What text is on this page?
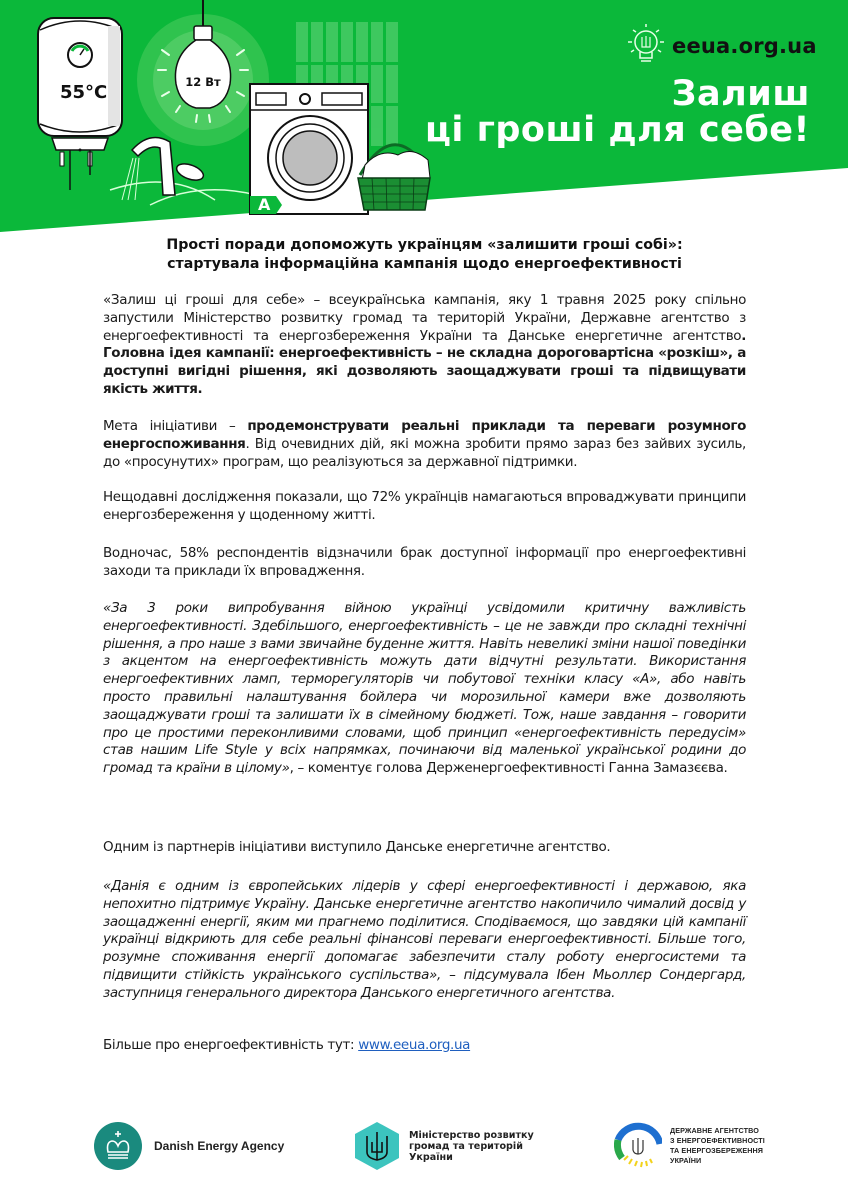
55°C	12 Вт
A
eeua.org.ua
Залиш
ці гроші для себе!
Прості поради допоможуть українцям «залишити гроші собі»:
стартувала інформаційна кампанія щодо енергоефективності
«Залиш ці гроші для себе» – всеукраїнська кампанія, яку 1 травня 2025 року спільно запустили Міністерство розвитку громад та територій України, Державне агентство з енергоефективності та енергозбереження України та Данське енергетичне агентство. Головна ідея кампанії: енергоефективність – не складна дороговартісна «розкіш», а доступні вигідні рішення, які дозволяють заощаджувати гроші та підвищувати якість життя.
Мета ініціативи – продемонструвати реальні приклади та переваги розумного енергоспоживання. Від очевидних дій, які можна зробити прямо зараз без зайвих зусиль, до «просунутих» програм, що реалізуються за державної підтримки.
Нещодавні дослідження показали, що 72% українців намагаються впроваджувати принципи енергозбереження у щоденному житті.
Водночас, 58% респондентів відзначили брак доступної інформації про енергоефективні заходи та приклади їх впровадження.
«За 3 роки випробування війною українці усвідомили критичну важливість енергоефективності. Здебільшого, енергоефективність – це не завжди про складні технічні рішення, а про наше з вами звичайне буденне життя. Навіть невеликі зміни нашої поведінки з акцентом на енергоефективність можуть дати відчутні результати. Використання енергоефективних ламп, терморегуляторів чи побутової техніки класу «А», або навіть просто правильні налаштування бойлера чи морозильної камери вже дозволяють заощаджувати гроші та залишати їх в сімейному бюджеті. Тож, наше завдання – говорити про це простими переконливими словами, щоб принцип «енергоефективність передусім» став нашим Life Style у всіх напрямках, починаючи від маленької української родини до громад та країни в цілому», – коментує голова Держенергоефективності Ганна Замазєєва.
Одним із партнерів ініціативи виступило Данське енергетичне агентство.
«Данія є одним із європейських лідерів у сфері енергоефективності і державою, яка непохитно підтримує Україну. Данське енергетичне агентство накопичило чималий досвід у заощадженні енергії, яким ми прагнемо поділитися. Сподіваємося, що завдяки цій кампанії українці відкриють для себе реальні фінансові переваги енергоефективності. Більше того, розумне споживання енергії допомагає забезпечити сталу роботу енергосистеми та підвищити стійкість українського суспільства», – підсумувала Ібен Мьоллєр Сондергард, заступниця генерального директора Данського енергетичного агентства.
Більше про енергоефективність тут: www.eeua.org.ua
Danish Energy Agency
Міністерство розвитку
громад та територій
України
ДЕРЖАВНЕ АГЕНТСТВО
З ЕНЕРГОЕФЕКТИВНОСТІ
ТА ЕНЕРГОЗБЕРЕЖЕННЯ
УКРАЇНИ
